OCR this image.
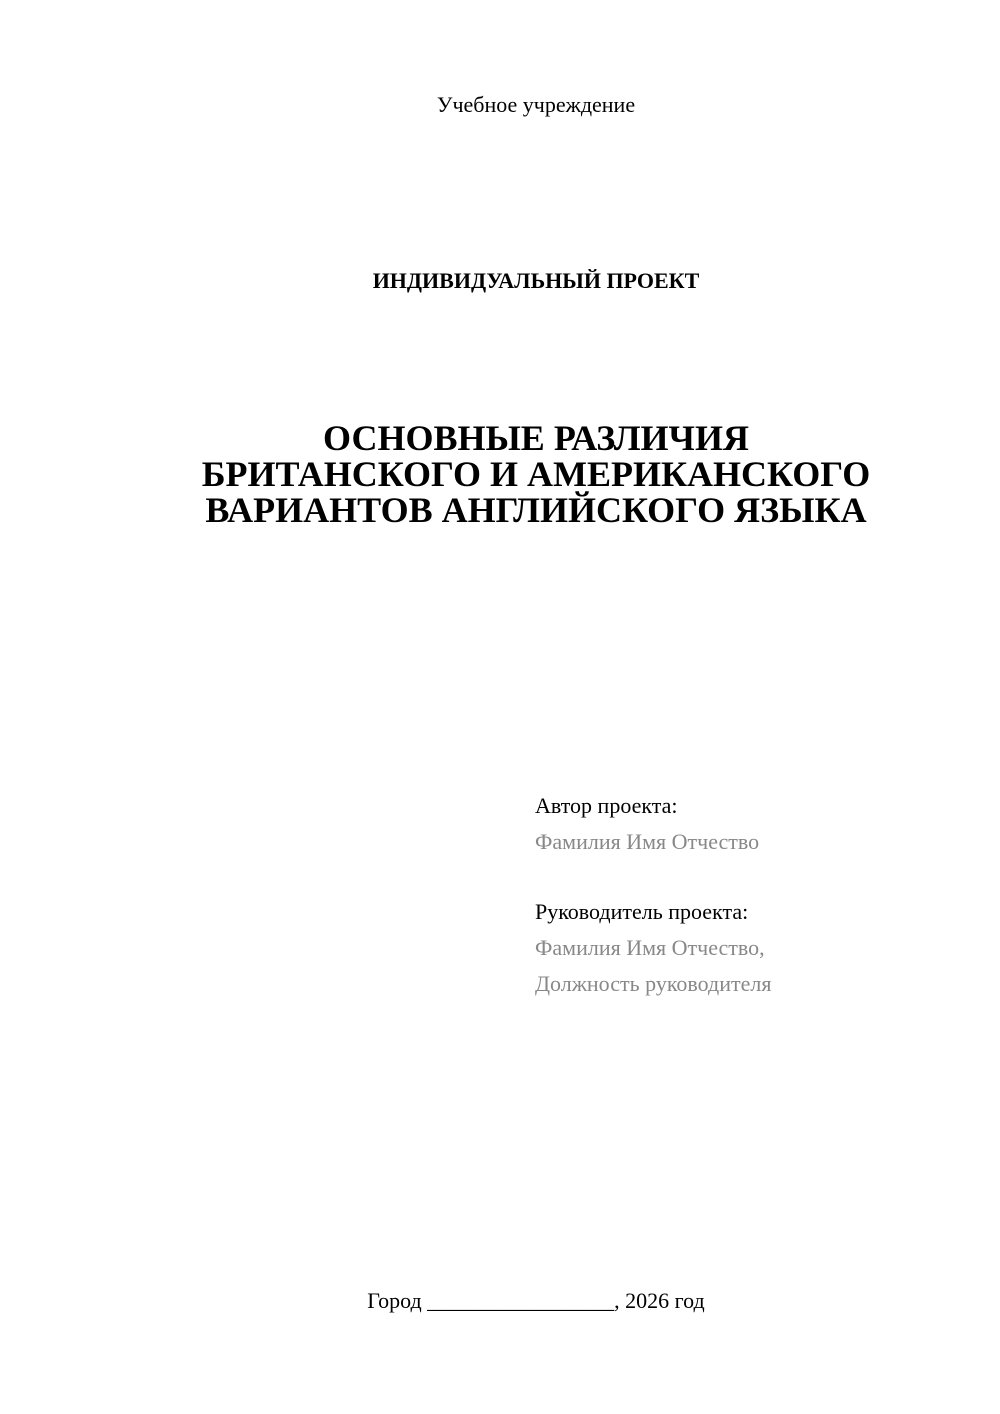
Учебное учреждение
ИНДИВИДУАЛЬНЫЙ ПРОЕКТ
ОСНОВНЫЕ РАЗЛИЧИЯ
БРИТАНСКОГО И АМЕРИКАНСКОГО
ВАРИАНТОВ АНГЛИЙСКОГО ЯЗЫКА
Автор проекта:
Фамилия Имя Отчество
Руководитель проекта:
Фамилия Имя Отчество,
Должность руководителя
Город _________________, 2026 год
